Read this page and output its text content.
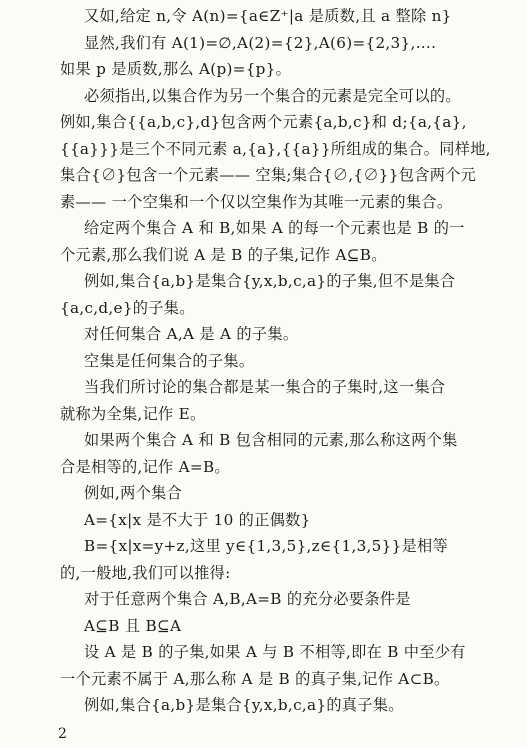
又如,给定 n,令 A(n)={a∈Z⁺|a 是质数,且 a 整除 n}
显然,我们有 A(1)=∅,A(2)={2},A(6)={2,3},….
如果 p 是质数,那么 A(p)={p}。
必须指出,以集合作为另一个集合的元素是完全可以的。
例如,集合{{a,b,c},d}包含两个元素{a,b,c}和 d;{a,{a},
{{a}}}是三个不同元素 a,{a},{{a}}所组成的集合。同样地,
集合{∅}包含一个元素—— 空集;集合{∅,{∅}}包含两个元
素—— 一个空集和一个仅以空集作为其唯一元素的集合。
给定两个集合 A 和 B,如果 A 的每一个元素也是 B 的一
个元素,那么我们说 A 是 B 的子集,记作 A⊆B。
例如,集合{a,b}是集合{y,x,b,c,a}的子集,但不是集合
{a,c,d,e}的子集。
对任何集合 A,A 是 A 的子集。
空集是任何集合的子集。
当我们所讨论的集合都是某一集合的子集时,这一集合
就称为全集,记作 E。
如果两个集合 A 和 B 包含相同的元素,那么称这两个集
合是相等的,记作 A=B。
例如,两个集合
A={x|x 是不大于 10 的正偶数}
B={x|x=y+z,这里 y∈{1,3,5},z∈{1,3,5}}是相等
的,一般地,我们可以推得:
对于任意两个集合 A,B,A=B 的充分必要条件是
A⊆B 且 B⊆A
设 A 是 B 的子集,如果 A 与 B 不相等,即在 B 中至少有
一个元素不属于 A,那么称 A 是 B 的真子集,记作 A⊂B。
例如,集合{a,b}是集合{y,x,b,c,a}的真子集。
2
